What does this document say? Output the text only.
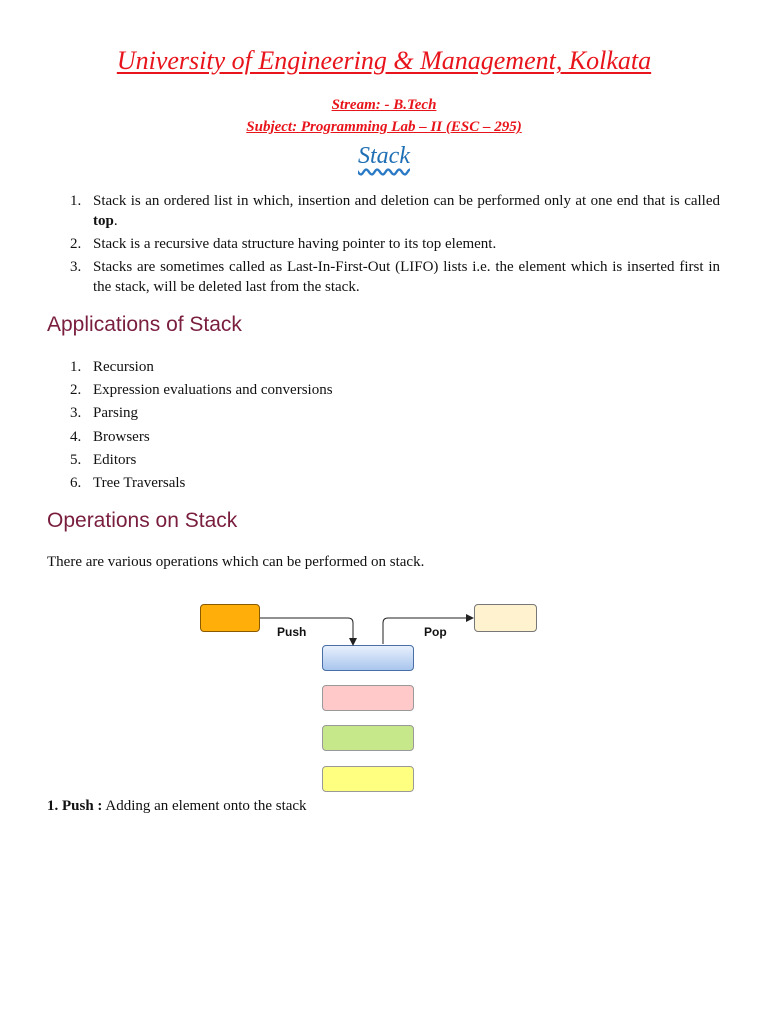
University of Engineering & Management, Kolkata
Stream: - B.Tech
Subject: Programming Lab – II (ESC – 295)
Stack
1. Stack is an ordered list in which, insertion and deletion can be performed only at one end that is called top.
2. Stack is a recursive data structure having pointer to its top element.
3. Stacks are sometimes called as Last-In-First-Out (LIFO) lists i.e. the element which is inserted first in the stack, will be deleted last from the stack.
Applications of Stack
1. Recursion
2. Expression evaluations and conversions
3. Parsing
4. Browsers
5. Editors
6. Tree Traversals
Operations on Stack
There are various operations which can be performed on stack.
Push	Pop
1. Push : Adding an element onto the stack
